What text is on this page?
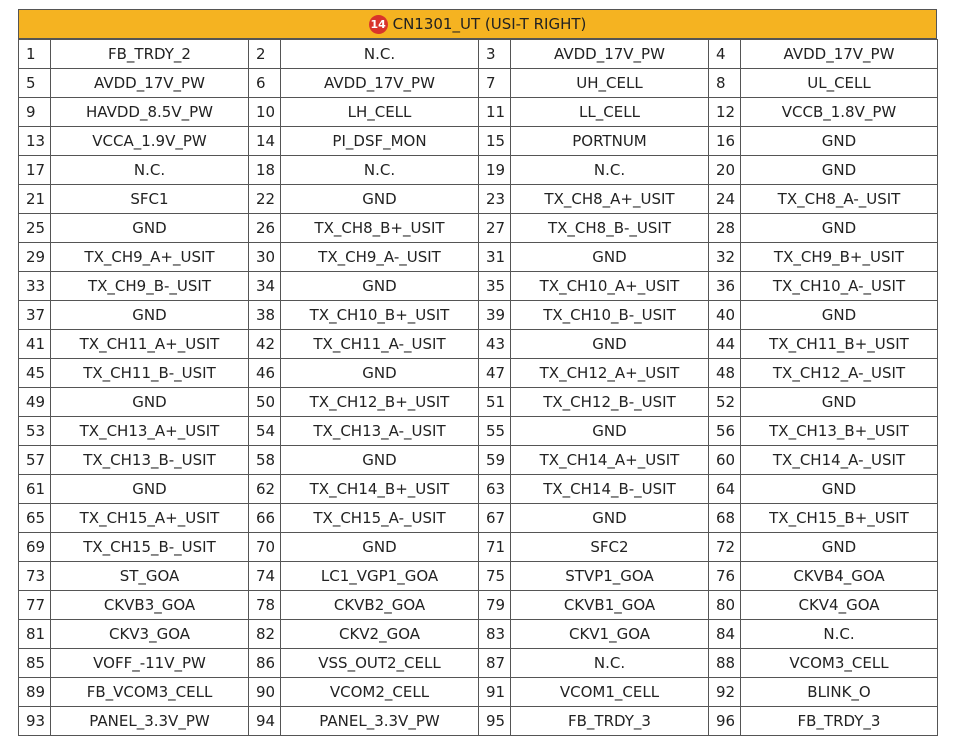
14 CN1301_UT (USI-T RIGHT)
1	FB_TRDY_2	2	N.C.	3	AVDD_17V_PW	4	AVDD_17V_PW
5	AVDD_17V_PW	6	AVDD_17V_PW	7	UH_CELL	8	UL_CELL
9	HAVDD_8.5V_PW	10	LH_CELL	11	LL_CELL	12	VCCB_1.8V_PW
13	VCCA_1.9V_PW	14	PI_DSF_MON	15	PORTNUM	16	GND
17	N.C.	18	N.C.	19	N.C.	20	GND
21	SFC1	22	GND	23	TX_CH8_A+_USIT	24	TX_CH8_A-_USIT
25	GND	26	TX_CH8_B+_USIT	27	TX_CH8_B-_USIT	28	GND
29	TX_CH9_A+_USIT	30	TX_CH9_A-_USIT	31	GND	32	TX_CH9_B+_USIT
33	TX_CH9_B-_USIT	34	GND	35	TX_CH10_A+_USIT	36	TX_CH10_A-_USIT
37	GND	38	TX_CH10_B+_USIT	39	TX_CH10_B-_USIT	40	GND
41	TX_CH11_A+_USIT	42	TX_CH11_A-_USIT	43	GND	44	TX_CH11_B+_USIT
45	TX_CH11_B-_USIT	46	GND	47	TX_CH12_A+_USIT	48	TX_CH12_A-_USIT
49	GND	50	TX_CH12_B+_USIT	51	TX_CH12_B-_USIT	52	GND
53	TX_CH13_A+_USIT	54	TX_CH13_A-_USIT	55	GND	56	TX_CH13_B+_USIT
57	TX_CH13_B-_USIT	58	GND	59	TX_CH14_A+_USIT	60	TX_CH14_A-_USIT
61	GND	62	TX_CH14_B+_USIT	63	TX_CH14_B-_USIT	64	GND
65	TX_CH15_A+_USIT	66	TX_CH15_A-_USIT	67	GND	68	TX_CH15_B+_USIT
69	TX_CH15_B-_USIT	70	GND	71	SFC2	72	GND
73	ST_GOA	74	LC1_VGP1_GOA	75	STVP1_GOA	76	CKVB4_GOA
77	CKVB3_GOA	78	CKVB2_GOA	79	CKVB1_GOA	80	CKV4_GOA
81	CKV3_GOA	82	CKV2_GOA	83	CKV1_GOA	84	N.C.
85	VOFF_-11V_PW	86	VSS_OUT2_CELL	87	N.C.	88	VCOM3_CELL
89	FB_VCOM3_CELL	90	VCOM2_CELL	91	VCOM1_CELL	92	BLINK_O
93	PANEL_3.3V_PW	94	PANEL_3.3V_PW	95	FB_TRDY_3	96	FB_TRDY_3
